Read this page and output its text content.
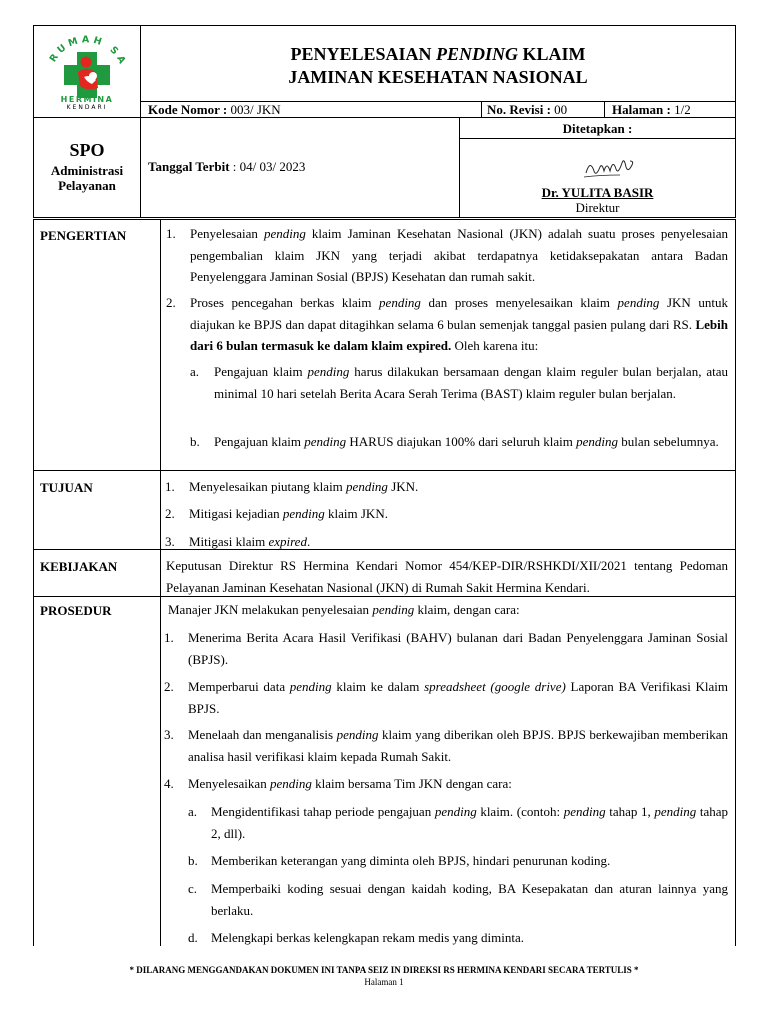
RUMAH SA
HERMINA
KENDARI
PENYELESAIAN PENDING KLAIM
JAMINAN KESEHATAN NASIONAL
Kode Nomor : 003/ JKN	No. Revisi : 00	Halaman : 1/2
SPO
Administrasi
Pelayanan
Tanggal Terbit : 04/ 03/ 2023
Ditetapkan :
Dr. YULITA BASIR
Direktur
PENGERTIAN	1. Penyelesaian pending klaim Jaminan Kesehatan Nasional (JKN) adalah suatu proses penyelesaian pengembalian klaim JKN yang terjadi akibat terdapatnya ketidaksepakatan antara Badan Penyelenggara Jaminan Sosial (BPJS) Kesehatan dan rumah sakit.
2. Proses pencegahan berkas klaim pending dan proses menyelesaikan klaim pending JKN untuk diajukan ke BPJS dan dapat ditagihkan selama 6 bulan semenjak tanggal pasien pulang dari RS. Lebih dari 6 bulan termasuk ke dalam klaim expired. Oleh karena itu:
a. Pengajuan klaim pending harus dilakukan bersamaan dengan klaim reguler bulan berjalan, atau minimal 10 hari setelah Berita Acara Serah Terima (BAST) klaim reguler bulan berjalan.
b. Pengajuan klaim pending HARUS diajukan 100% dari seluruh klaim pending bulan sebelumnya.
TUJUAN	1. Menyelesaikan piutang klaim pending JKN.
2. Mitigasi kejadian pending klaim JKN.
3. Mitigasi klaim expired.
KEBIJAKAN	Keputusan Direktur RS Hermina Kendari Nomor 454/KEP-DIR/RSHKDI/XII/2021 tentang Pedoman Pelayanan Jaminan Kesehatan Nasional (JKN) di Rumah Sakit Hermina Kendari.
PROSEDUR	Manajer JKN melakukan penyelesaian pending klaim, dengan cara:
1. Menerima Berita Acara Hasil Verifikasi (BAHV) bulanan dari Badan Penyelenggara Jaminan Sosial (BPJS).
2. Memperbarui data pending klaim ke dalam spreadsheet (google drive) Laporan BA Verifikasi Klaim BPJS.
3. Menelaah dan menganalisis pending klaim yang diberikan oleh BPJS. BPJS berkewajiban memberikan analisa hasil verifikasi klaim kepada Rumah Sakit.
4. Menyelesaikan pending klaim bersama Tim JKN dengan cara:
a. Mengidentifikasi tahap periode pengajuan pending klaim. (contoh: pending tahap 1, pending tahap 2, dll).
b. Memberikan keterangan yang diminta oleh BPJS, hindari penurunan koding.
c. Memperbaiki koding sesuai dengan kaidah koding, BA Kesepakatan dan aturan lainnya yang berlaku.
d. Melengkapi berkas kelengkapan rekam medis yang diminta.
* DILARANG MENGGANDAKAN DOKUMEN INI TANPA SEIZ IN DIREKSI RS HERMINA KENDARI SECARA TERTULIS *
Halaman 1
